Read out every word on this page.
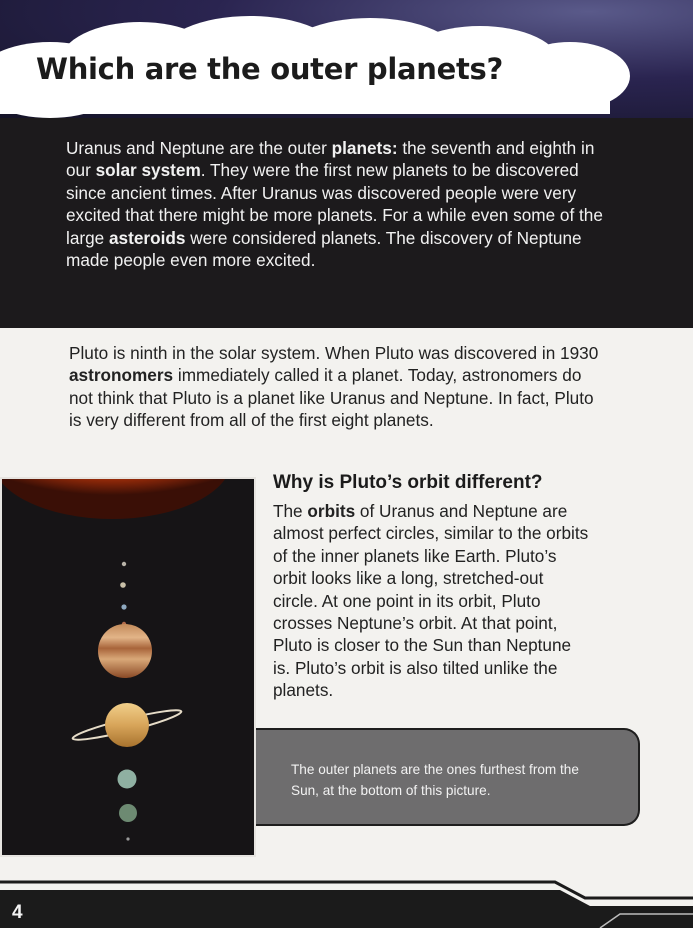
Which are the outer planets?

Uranus and Neptune are the outer planets: the seventh and eighth in our solar system. They were the first new planets to be discovered since ancient times. After Uranus was discovered people were very excited that there might be more planets. For a while even some of the large asteroids were considered planets. The discovery of Neptune made people even more excited.

Pluto is ninth in the solar system. When Pluto was discovered in 1930 astronomers immediately called it a planet. Today, astronomers do not think that Pluto is a planet like Uranus and Neptune. In fact, Pluto is very different from all of the first eight planets.

Why is Pluto’s orbit different?

The orbits of Uranus and Neptune are almost perfect circles, similar to the orbits of the inner planets like Earth. Pluto’s orbit looks like a long, stretched-out circle. At one point in its orbit, Pluto crosses Neptune’s orbit. At that point, Pluto is closer to the Sun than Neptune is. Pluto’s orbit is also tilted unlike the planets.

The outer planets are the ones furthest from the Sun, at the bottom of this picture.

4
